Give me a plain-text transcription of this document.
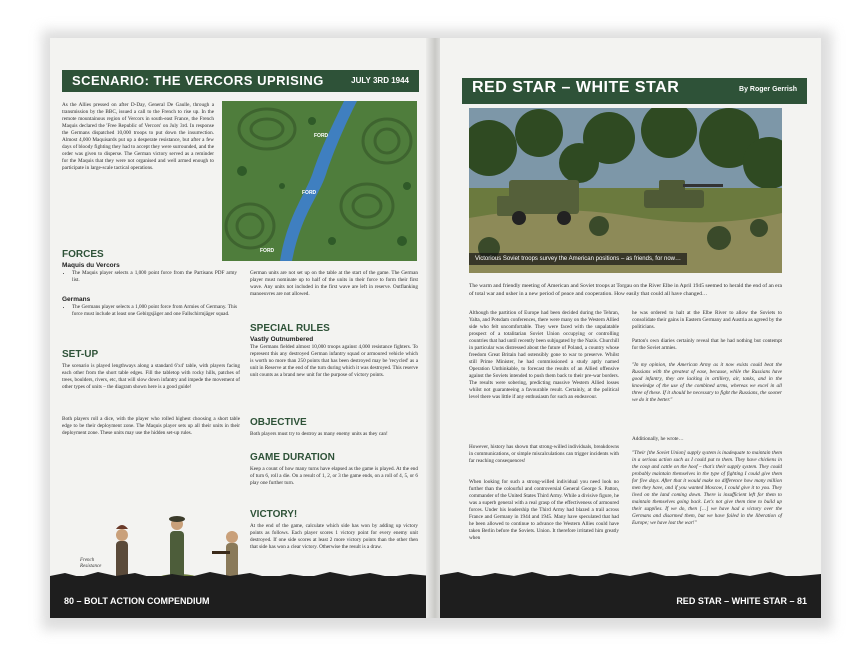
SCENARIO: THE VERCORS UPRISING	JULY 3RD 1944
As the Allies pressed on after D-Day, General De Gaulle, through a transmission by the BBC, issued a call to the French to rise up. In the remote mountainous region of Vercors in south-east France, the French Maquis declared the 'Free Republic of Vercors' on July 3rd. In response the Germans dispatched 10,000 troops to put down the insurrection. Almost 4,000 Maquisards put up a desperate resistance, but after a few days of bloody fighting they had to accept they were surrounded, and the order was given to disperse. The German victory served as a reminder for the Maquis that they were not organised and well armed enough to participate in large-scale tactical operations.
FORD
FORD
FORD
FORCES
Maquis du Vercors
• The Maquis player selects a 1,000 point force from the Partisans PDF army list.
Germans
• The Germans player selects a 1,000 point force from Armies of Germany. This force must include at least one Gebirgsjäger and one Fallschirmjäger squad.
SET-UP
The scenario is played lengthways along a standard 6'x4' table, with players facing each other from the short table edges. Fill the tabletop with rocky hills, patches of trees, boulders, rivers, etc, that will slow down infantry and impede the movement of other types of units – the diagram shown here is a good guide!
Both players roll a dice, with the player who rolled highest choosing a short table edge to be their deployment zone. The Maquis player sets up all their units in their deployment zone. These units may use the hidden set-up rules.
French
Resistance
German units are not set up on the table at the start of the game. The German player must nominate up to half of the units in their force to form their first wave. Any units not included in the first wave are left in reserve. Outflanking manoeuvres are not allowed.
SPECIAL RULES
Vastly Outnumbered
The Germans fielded almost 10,000 troops against 4,000 resistance fighters. To represent this any destroyed German infantry squad or armoured vehicle which is worth no more than 250 points that has been destroyed may be 'recycled' as a unit in Reserve at the end of the turn during which it was destroyed. This reserve unit counts as a brand new unit for the purpose of victory points.
OBJECTIVE
Both players must try to destroy as many enemy units as they can!
GAME DURATION
Keep a count of how many turns have elapsed as the game is played. At the end of turn 6, roll a die. On a result of 1, 2, or 3 the game ends, on a roll of 4, 5, or 6 play one further turn.
VICTORY!
At the end of the game, calculate which side has won by adding up victory points as follows. Each player scores 1 victory point for every enemy unit destroyed. If one side scores at least 2 more victory points than the other then that side has won a clear victory. Otherwise the result is a draw.
80 – BOLT ACTION COMPENDIUM
RED STAR – WHITE STAR	By Roger Gerrish
Victorious Soviet troops survey the American positions – as friends, for now…
The warm and friendly meeting of American and Soviet troops at Torgau on the River Elbe in April 1945 seemed to herald the end of an era of total war and usher in a new period of peace and cooperation. How easily that could all have changed…
Although the partition of Europe had been decided during the Tehran, Yalta, and Potsdam conferences, there were many on the Western Allied side who felt uncomfortable. They were faced with the unpalatable prospect of a totalitarian Soviet Union occupying or controlling countries that had until recently been subjugated by the Nazis. Churchill in particular was distressed about the future of Poland, a country whose freedom Great Britain had ostensibly gone to war to preserve. Whilst still Prime Minister, he had commissioned a study aptly named Operation Unthinkable, to forecast the results of an Allied offensive against the Soviets intended to push them back to their pre-war borders. The results were sobering, predicting massive Western Allied losses whilst not guaranteeing a favourable result. Certainly, at the political level there was little if any enthusiasm for such an endeavour.
However, history has shown that strong-willed individuals, breakdowns in communications, or simple miscalculations can trigger incidents with far reaching consequences!
When looking for such a strong-willed individual you need look no further than the colourful and controversial General George S. Patton, commander of the United States Third Army. While a divisive figure, he was a superb general with a real grasp of the effectiveness of armoured forces. Under his leadership the Third Army had blazed a trail across France and Germany in 1944 and 1945. Many have speculated that had he been allowed to continue to advance the Western Allies could have taken Berlin before the Soviets. Union. It therefore irritated him greatly when
he was ordered to halt at the Elbe River to allow the Soviets to consolidate their gains in Eastern Germany and Austria as agreed by the politicians.
Patton's own diaries certainly reveal that he had nothing but contempt for the Soviet armies.
"In my opinion, the American Army as it now exists could beat the Russians with the greatest of ease, because, while the Russians have good infantry, they are lacking in artillery, air, tanks, and in the knowledge of the use of the combined arms, whereas we excel in all three of these. If it should be necessary to fight the Russians, the sooner we do it the better."
Additionally, he wrote…
"Their [the Soviet Union] supply system is inadequate to maintain them in a serious action such as I could put to them. They have chickens in the coop and cattle on the hoof – that's their supply system. They could probably maintain themselves in the type of fighting I could give them for five days. After that it would make no difference how many million men they have, and if you wanted Moscow, I could give it to you. They lived on the land coming down. There is insufficient left for them to maintain themselves going back. Let's not give them time to build up their supplies. If we do, then […] we have had a victory over the Germans and disarmed them, but we have failed in the liberation of Europe; we have lost the war!"
RED STAR – WHITE STAR – 81
